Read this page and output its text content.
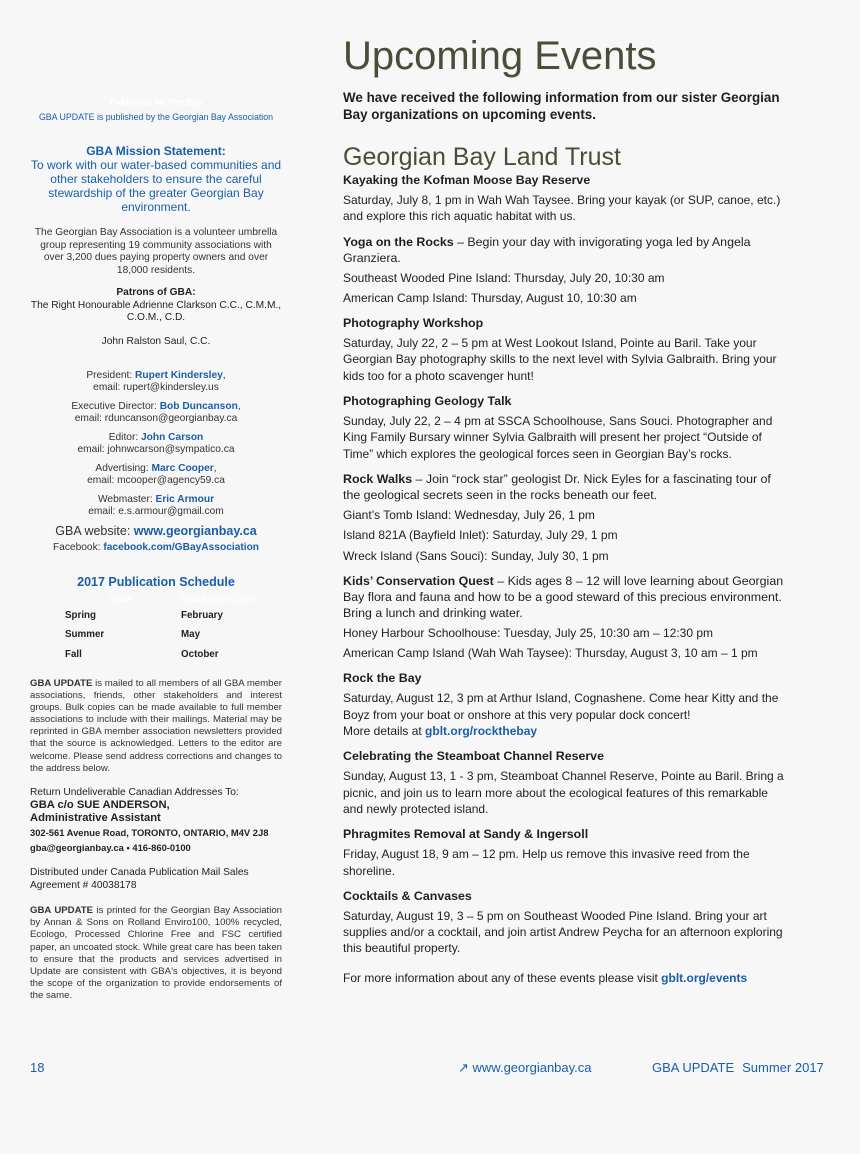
Published by The Bay
GBA UPDATE is published by the Georgian Bay Association
GBA Mission Statement:
To work with our water-based communities and other stakeholders to ensure the careful stewardship of the greater Georgian Bay environment.
The Georgian Bay Association is a volunteer umbrella group representing 19 community associations with over 3,200 dues paying property owners and over 18,000 residents.
Patrons of GBA:
The Right Honourable Adrienne Clarkson C.C., C.M.M., C.O.M., C.D.
John Ralston Saul, C.C.
President: Rupert Kindersley,
email: rupert@kindersley.us
Executive Director: Bob Duncanson,
email: rduncanson@georgianbay.ca
Editor: John Carson
email: johnwcarson@sympatico.ca
Advertising: Marc Cooper,
email: mcooper@agency59.ca
Webmaster: Eric Armour
email: e.s.armour@gmail.com
GBA website: www.georgianbay.ca
Facebook: facebook.com/GBayAssociation
2017 Publication Schedule
Issue	Distribution Date
Spring	February
Summer	May
Fall	October
GBA UPDATE is mailed to all members of all GBA member associations, friends, other stakeholders and interest groups. Bulk copies can be made available to full member associations to include with their mailings. Material may be reprinted in GBA member association newsletters provided that the source is acknowledged. Letters to the editor are welcome. Please send address corrections and changes to the address below.
Return Undeliverable Canadian Addresses To:
GBA c/o SUE ANDERSON,
Administrative Assistant
302-561 Avenue Road, TORONTO, ONTARIO, M4V 2J8
gba@georgianbay.ca • 416-860-0100
Distributed under Canada Publication Mail Sales Agreement # 40038178
GBA UPDATE is printed for the Georgian Bay Association by Annan & Sons on Rolland Enviro100, 100% recycled, Ecologo, Processed Chlorine Free and FSC certified paper, an uncoated stock. While great care has been taken to ensure that the products and services advertised in Update are consistent with GBA's objectives, it is beyond the scope of the organization to provide endorsements of the same.
Upcoming Events
We have received the following information from our sister Georgian Bay organizations on upcoming events.
Georgian Bay Land Trust
Kayaking the Kofman Moose Bay Reserve

Saturday, July 8, 1 pm in Wah Wah Taysee. Bring your kayak (or SUP, canoe, etc.) and explore this rich aquatic habitat with us.

Yoga on the Rocks – Begin your day with invigorating yoga led by Angela Granziera.

Southeast Wooded Pine Island: Thursday, July 20, 10:30 am

American Camp Island: Thursday, August 10, 10:30 am

Photography Workshop

Saturday, July 22, 2 – 5 pm at West Lookout Island, Pointe au Baril. Take your Georgian Bay photography skills to the next level with Sylvia Galbraith. Bring your kids too for a photo scavenger hunt!

Photographing Geology Talk

Sunday, July 22, 2 – 4 pm at SSCA Schoolhouse, Sans Souci. Photographer and King Family Bursary winner Sylvia Galbraith will present her project “Outside of Time” which explores the geological forces seen in Georgian Bay’s rocks.

Rock Walks – Join “rock star” geologist Dr. Nick Eyles for a fascinating tour of the geological secrets seen in the rocks beneath our feet.

Giant’s Tomb Island: Wednesday, July 26, 1 pm

Island 821A (Bayfield Inlet): Saturday, July 29, 1 pm

Wreck Island (Sans Souci): Sunday, July 30, 1 pm

Kids’ Conservation Quest – Kids ages 8 – 12 will love learning about Georgian Bay flora and fauna and how to be a good steward of this precious environment. Bring a lunch and drinking water.

Honey Harbour Schoolhouse: Tuesday, July 25, 10:30 am – 12:30 pm

American Camp Island (Wah Wah Taysee): Thursday, August 3, 10 am – 1 pm

Rock the Bay

Saturday, August 12, 3 pm at Arthur Island, Cognashene. Come hear Kitty and the Boyz from your boat or onshore at this very popular dock concert!

More details at gblt.org/rockthebay

Celebrating the Steamboat Channel Reserve

Sunday, August 13, 1 - 3 pm, Steamboat Channel Reserve, Pointe au Baril. Bring a picnic, and join us to learn more about the ecological features of this remarkable and newly protected island.

Phragmites Removal at Sandy & Ingersoll

Friday, August 18, 9 am – 12 pm. Help us remove this invasive reed from the shoreline.

Cocktails & Canvases

Saturday, August 19, 3 – 5 pm on Southeast Wooded Pine Island. Bring your art supplies and/or a cocktail, and join artist Andrew Peycha for an afternoon exploring this beautiful property.

For more information about any of these events please visit gblt.org/events
18	↗ www.georgianbay.ca	GBA UPDATE Summer 2017
